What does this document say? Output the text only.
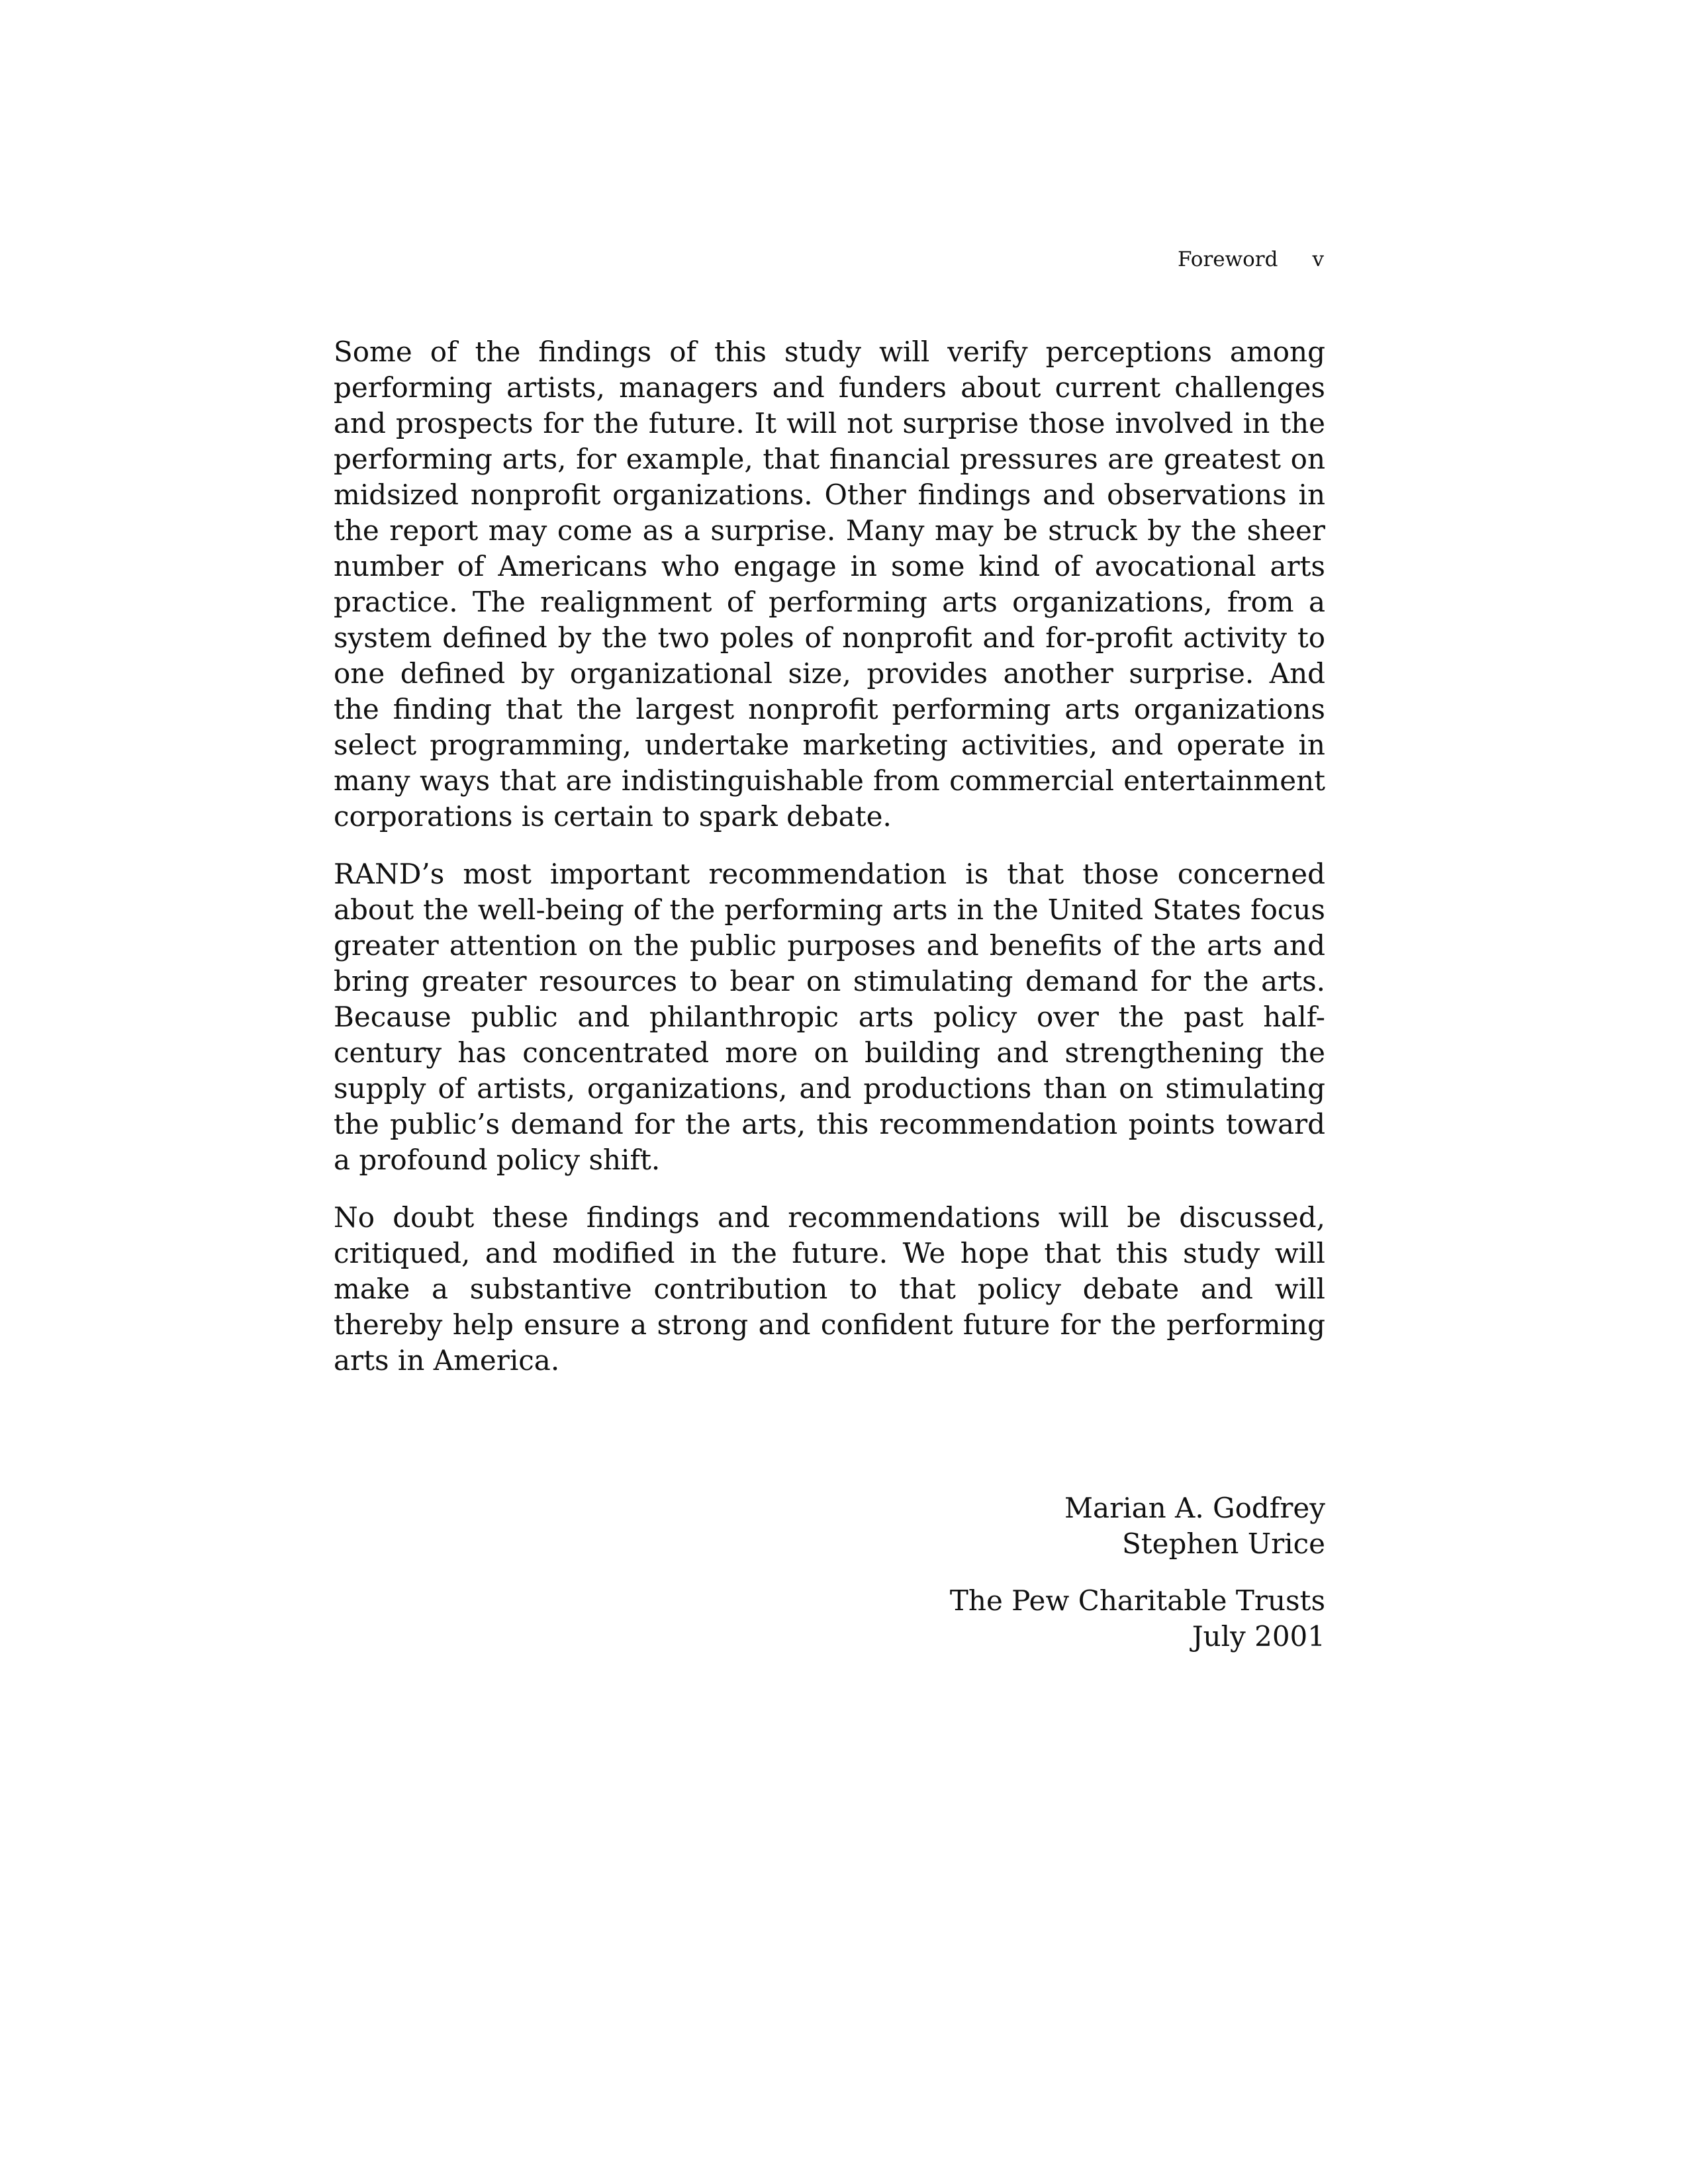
Foreword v

Some of the findings of this study will verify perceptions among performing artists, managers and funders about current challenges and prospects for the future. It will not surprise those involved in the performing arts, for example, that financial pressures are greatest on midsized nonprofit organizations. Other findings and observations in the report may come as a surprise. Many may be struck by the sheer number of Americans who engage in some kind of avocational arts practice. The realignment of performing arts organizations, from a system defined by the two poles of nonprofit and for-profit activity to one defined by organizational size, provides another surprise. And the finding that the largest nonprofit performing arts organizations select programming, undertake marketing activities, and operate in many ways that are indistinguishable from commercial entertainment corporations is certain to spark debate.

RAND’s most important recommendation is that those concerned about the well-being of the performing arts in the United States focus greater attention on the public purposes and benefits of the arts and bring greater resources to bear on stimulating demand for the arts. Because public and philanthropic arts policy over the past half-century has concentrated more on building and strengthening the supply of artists, organizations, and productions than on stimulating the public’s demand for the arts, this recommendation points toward a profound policy shift.

No doubt these findings and recommendations will be discussed, critiqued, and modified in the future. We hope that this study will make a substantive contribution to that policy debate and will thereby help ensure a strong and confident future for the performing arts in America.

Marian A. Godfrey
Stephen Urice
The Pew Charitable Trusts
July 2001
